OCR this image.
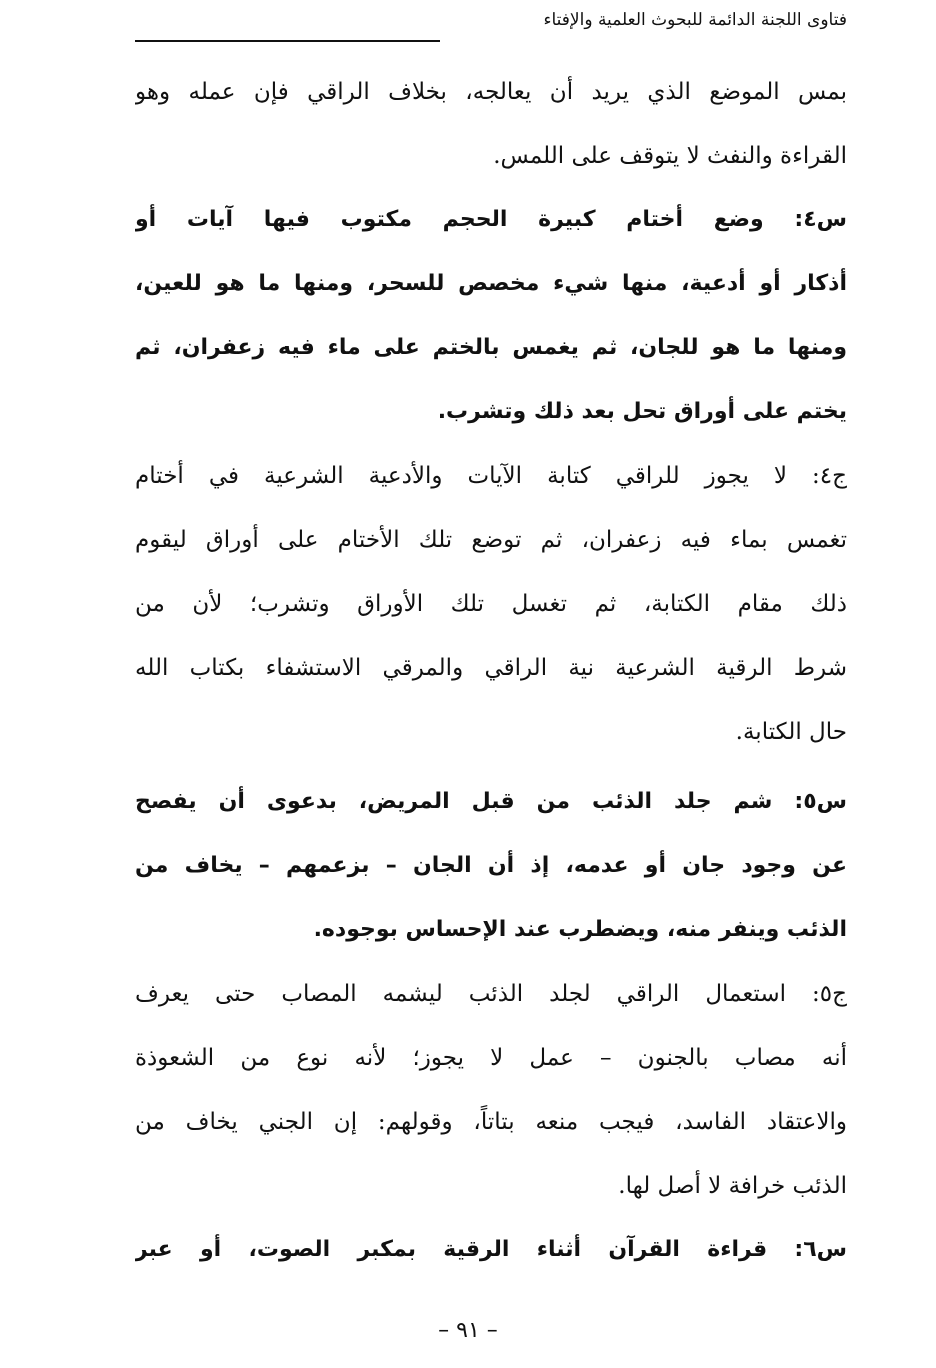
فتاوى اللجنة الدائمة للبحوث العلمية والإفتاء
بمس الموضع الذي يريد أن يعالجه، بخلاف الراقي فإن عمله وهو
القراءة والنفث لا يتوقف على اللمس.
س٤: وضع أختام كبيرة الحجم مكتوب فيها آيات أو
أذكار أو أدعية، منها شيء مخصص للسحر، ومنها ما هو للعين،
ومنها ما هو للجان، ثم يغمس بالختم على ماء فيه زعفران، ثم
يختم على أوراق تحل بعد ذلك وتشرب.
ج٤: لا يجوز للراقي كتابة الآيات والأدعية الشرعية في أختام
تغمس بماء فيه زعفران، ثم توضع تلك الأختام على أوراق ليقوم
ذلك مقام الكتابة، ثم تغسل تلك الأوراق وتشرب؛ لأن من
شرط الرقية الشرعية نية الراقي والمرقي الاستشفاء بكتاب الله
حال الكتابة.
س٥: شم جلد الذئب من قبل المريض، بدعوى أن يفصح
عن وجود جان أو عدمه، إذ أن الجان – بزعمهم – يخاف من
الذئب وينفر منه، ويضطرب عند الإحساس بوجوده.
ج٥: استعمال الراقي لجلد الذئب ليشمه المصاب حتى يعرف
أنه مصاب بالجنون – عمل لا يجوز؛ لأنه نوع من الشعوذة
والاعتقاد الفاسد، فيجب منعه بتاتاً، وقولهم: إن الجني يخاف من
الذئب خرافة لا أصل لها.
س٦: قراءة القرآن أثناء الرقية بمكبر الصوت، أو عبر
– ٩١ –
